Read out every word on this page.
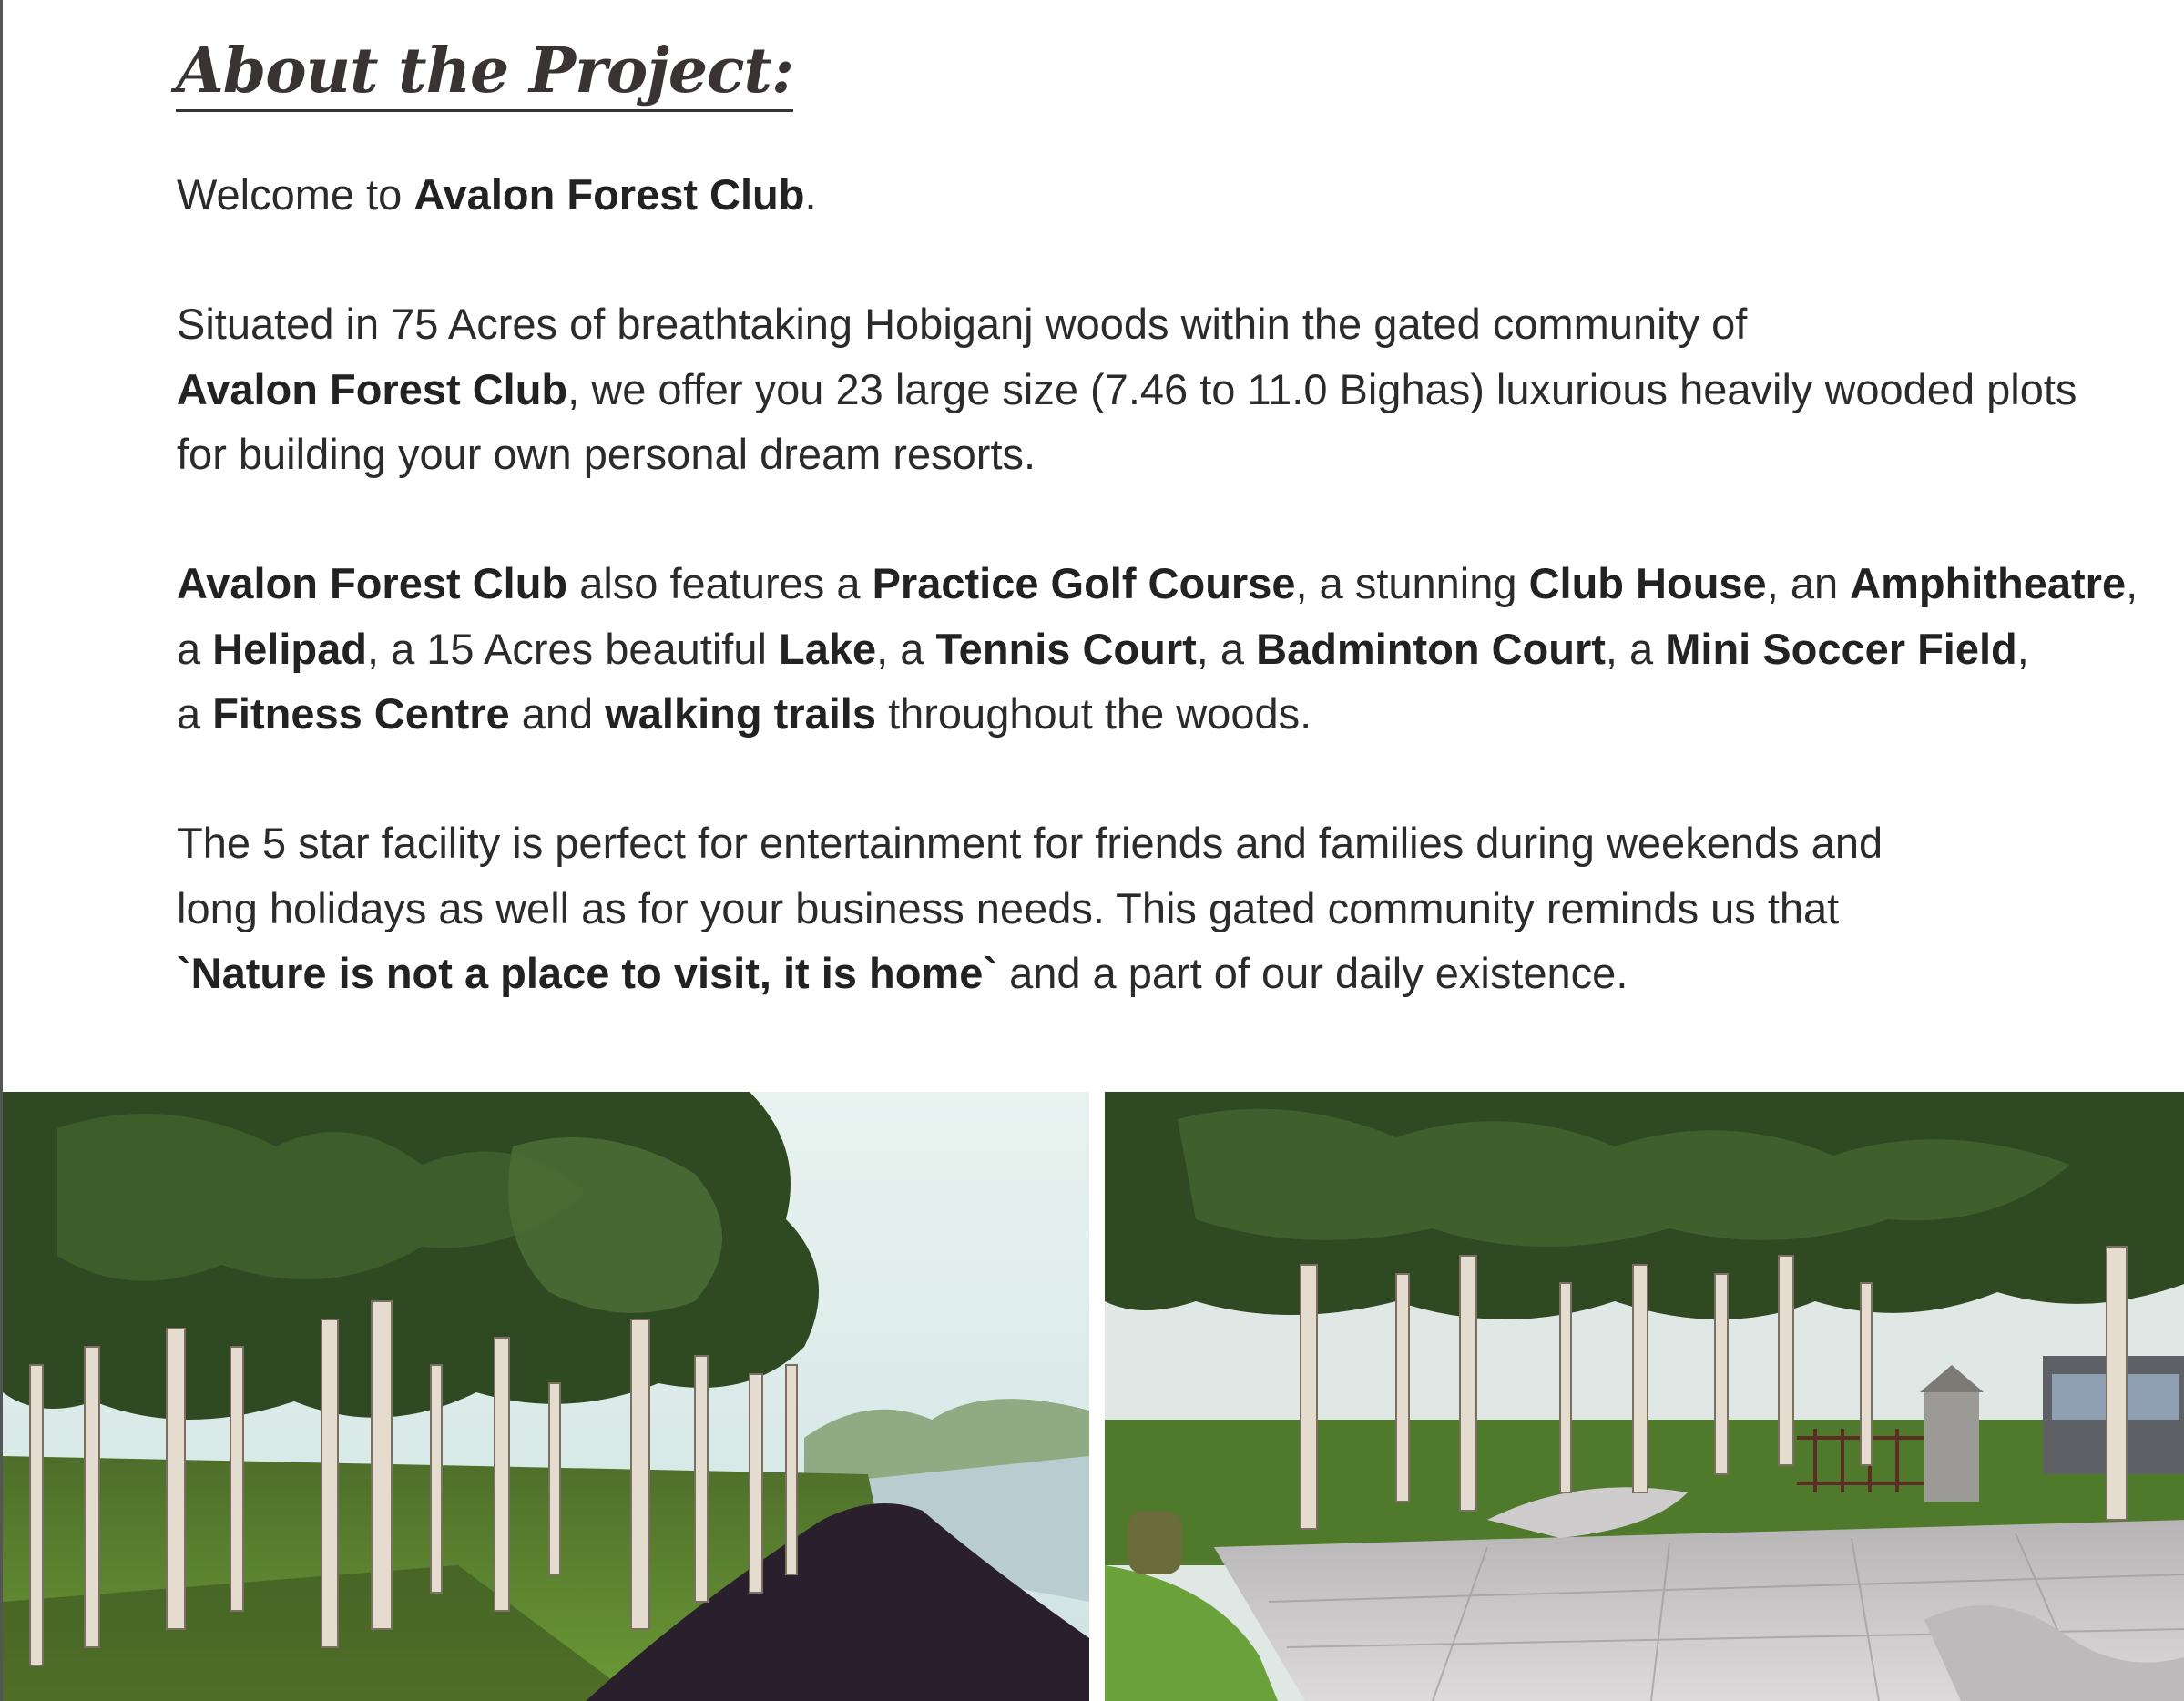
About the Project:

Welcome to Avalon Forest Club.

Situated in 75 Acres of breathtaking Hobiganj woods within the gated community of
Avalon Forest Club, we offer you 23 large size (7.46 to 11.0 Bighas) luxurious heavily wooded plots
for building your own personal dream resorts.

Avalon Forest Club also features a Practice Golf Course, a stunning Club House, an Amphitheatre,
a Helipad, a 15 Acres beautiful Lake, a Tennis Court, a Badminton Court, a Mini Soccer Field,
a Fitness Centre and walking trails throughout the woods.

The 5 star facility is perfect for entertainment for friends and families during weekends and
long holidays as well as for your business needs. This gated community reminds us that
`Nature is not a place to visit, it is home` and a part of our daily existence.
